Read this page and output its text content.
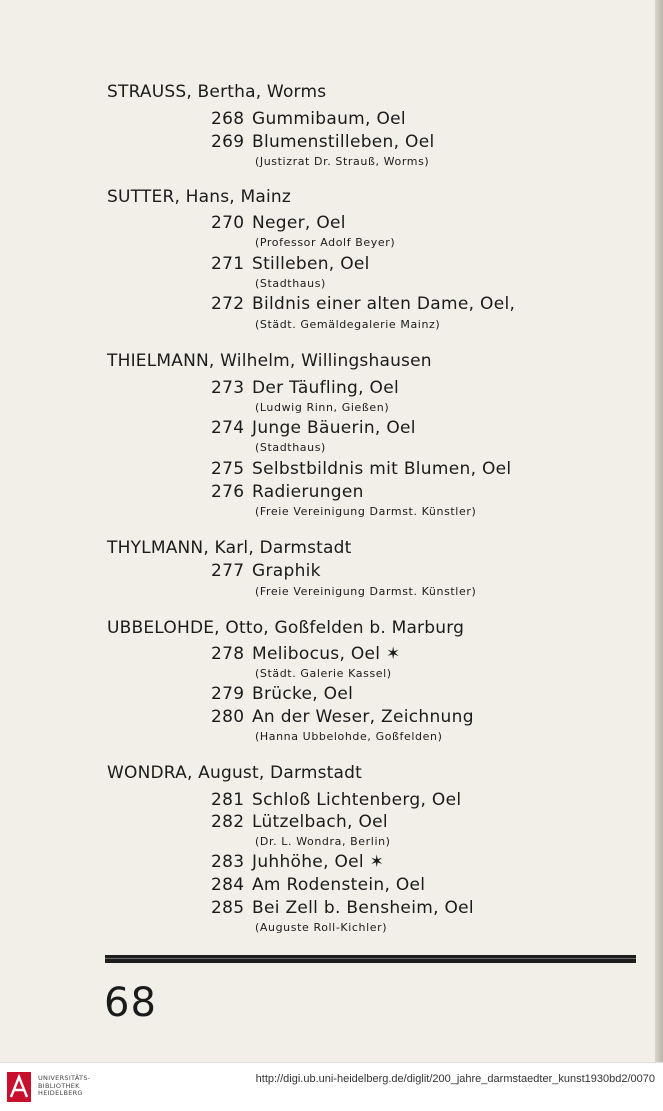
STRAUSS, Bertha, Worms
268 Gummibaum, Oel
269 Blumenstilleben, Oel
(Justizrat Dr. Strauß, Worms)
SUTTER, Hans, Mainz
270 Neger, Oel
(Professor Adolf Beyer)
271 Stilleben, Oel
(Stadthaus)
272 Bildnis einer alten Dame, Oel,
(Städt. Gemäldegalerie Mainz)
THIELMANN, Wilhelm, Willingshausen
273 Der Täufling, Oel
(Ludwig Rinn, Gießen)
274 Junge Bäuerin, Oel
(Stadthaus)
275 Selbstbildnis mit Blumen, Oel
276 Radierungen
(Freie Vereinigung Darmst. Künstler)
THYLMANN, Karl, Darmstadt
277 Graphik
(Freie Vereinigung Darmst. Künstler)
UBBELOHDE, Otto, Goßfelden b. Marburg
278 Melibocus, Oel ✶
(Städt. Galerie Kassel)
279 Brücke, Oel
280 An der Weser, Zeichnung
(Hanna Ubbelohde, Goßfelden)
WONDRA, August, Darmstadt
281 Schloß Lichtenberg, Oel
282 Lützelbach, Oel
(Dr. L. Wondra, Berlin)
283 Juhhöhe, Oel ✶
284 Am Rodenstein, Oel
285 Bei Zell b. Bensheim, Oel
(Auguste Roll-Kichler)
68
UNIVERSITÄTS-
BIBLIOTHEK
HEIDELBERG
http://digi.ub.uni-heidelberg.de/diglit/200_jahre_darmstaedter_kunst1930bd2/0070
